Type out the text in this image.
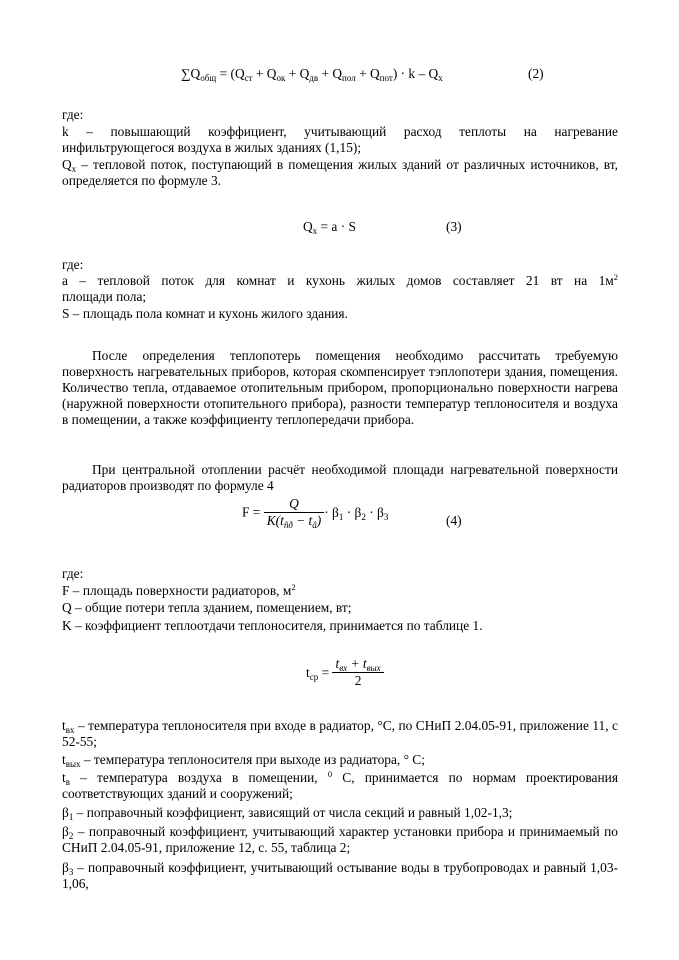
$\sum Q_{общ} = (Q_{ст} + Q_{ок} + Q_{дв} + Q_{пол} + Q_{пот}) \cdot k - Q_х$	(2)
где:
k – повышающий коэффициент, учитывающий расход теплоты на нагревание инфильтрующегося воздуха в жилых зданиях (1,15);
$Q_х$ – тепловой поток, поступающий в помещения жилых зданий от различных источников, вт, определяется по формуле 3.
$Q_х = a \cdot S$	(3)
где:
а – тепловой поток для комнат и кухонь жилых домов составляет 21 вт на $1м^2$
площади пола;
S – площадь пола комнат и кухонь жилого здания.
После определения теплопотерь помещения необходимо рассчитать требуемую поверхность нагревательных приборов, которая скомпенсирует тэплопотери здания, помещения. Количество тепла, отдаваемое отопительным прибором, пропорционально поверхности нагрева (наружной поверхности отопительного прибора), разности температур теплоносителя и воздуха в помещении, а также коэффициенту теплопередачи прибора.
При центральной отоплении расчёт необходимой площади нагревательной поверхности радиаторов производят по формуле 4
$F = \frac{Q}{K(t_{ñð} - t_â)} \cdot \beta_1 \cdot \beta_2 \cdot \beta_3$	(4)
где:
F – площадь поверхности радиаторов, $м^2$
Q – общие потери тепла зданием, помещением, вт;
K – коэффициент теплоотдачи теплоносителя, принимается по таблице 1.
$t_{ср} = \frac{t_{вх} + t_{вых}}{2}$
$t_{вх}$ – температура теплоносителя при входе в радиатор, °С, по СНиП 2.04.05-91, приложение 11, с 52-55;
$t_{вых}$ – температура теплоносителя при выходе из радиатора, ° С;
$t_в$ – температура воздуха в помещении, $^0$ С, принимается по нормам проектирования соответствующих зданий и сооружений;
$\beta_1$ – поправочный коэффициент, зависящий от числа секций и равный 1,02-1,3;
$\beta_2$ – поправочный коэффициент, учитывающий характер установки прибора и принимаемый по СНиП 2.04.05-91, приложение 12, с. 55, таблица 2;
$\beta_3$ – поправочный коэффициент, учитывающий остывание воды в трубопроводах и равный 1,03-1,06,
